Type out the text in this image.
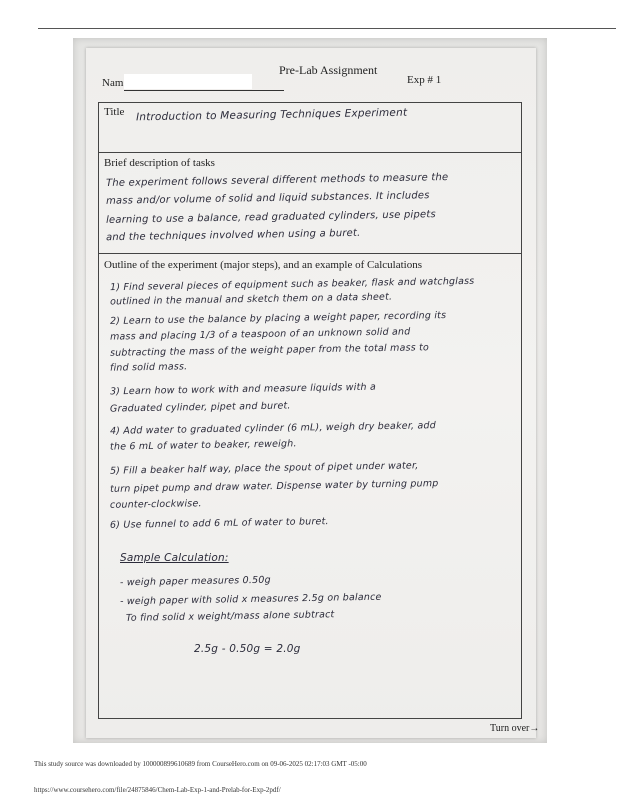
Pre-Lab Assignment
Nam	Exp # 1
Title Introduction to Measuring Techniques Experiment
Brief description of tasks
The experiment follows several different methods to measure the
mass and/or volume of solid and liquid substances. It includes
learning to use a balance, read graduated cylinders, use pipets
and the techniques involved when using a buret.
Outline of the experiment (major steps), and an example of Calculations
1) Find several pieces of equipment such as beaker, flask and watchglass
outlined in the manual and sketch them on a data sheet.
2) Learn to use the balance by placing a weight paper, recording its
mass and placing 1/3 of a teaspoon of an unknown solid and
subtracting the mass of the weight paper from the total mass to
find solid mass.
3) Learn how to work with and measure liquids with a
Graduated cylinder, pipet and buret.
4) Add water to graduated cylinder (6 mL), weigh dry beaker, add
the 6 mL of water to beaker, reweigh.
5) Fill a beaker half way, place the spout of pipet under water,
turn pipet pump and draw water. Dispense water by turning pump
counter-clockwise.
6) Use funnel to add 6 mL of water to buret.
Sample Calculation:
- weigh paper measures 0.50g
- weigh paper with solid x measures 2.5g on balance
To find solid x weight/mass alone subtract
2.5g - 0.50g = 2.0g
Turn over→
This study source was downloaded by 100000899610689 from CourseHero.com on 09-06-2025 02:17:03 GMT -05:00
https://www.coursehero.com/file/24875846/Chem-Lab-Exp-1-and-Prelab-for-Exp-2pdf/
